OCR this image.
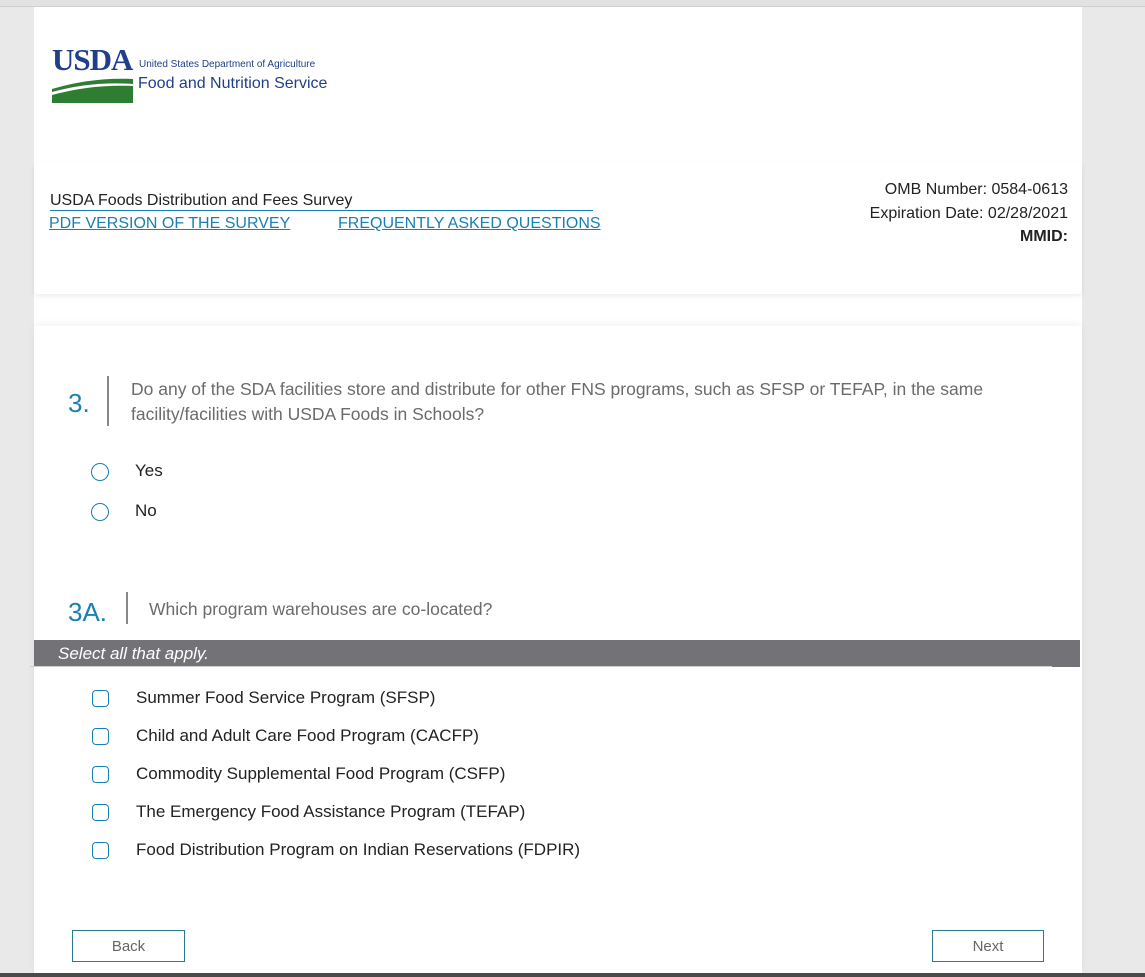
USDA United States Department of Agriculture
Food and Nutrition Service
USDA Foods Distribution and Fees Survey
PDF VERSION OF THE SURVEY	FREQUENTLY ASKED QUESTIONS
OMB Number: 0584-0613
Expiration Date: 02/28/2021
MMID:
3. Do any of the SDA facilities store and distribute for other FNS programs, such as SFSP or TEFAP, in the same facility/facilities with USDA Foods in Schools?
Yes
No
3A. Which program warehouses are co-located?
Select all that apply.
Summer Food Service Program (SFSP)
Child and Adult Care Food Program (CACFP)
Commodity Supplemental Food Program (CSFP)
The Emergency Food Assistance Program (TEFAP)
Food Distribution Program on Indian Reservations (FDPIR)
Back	Next
